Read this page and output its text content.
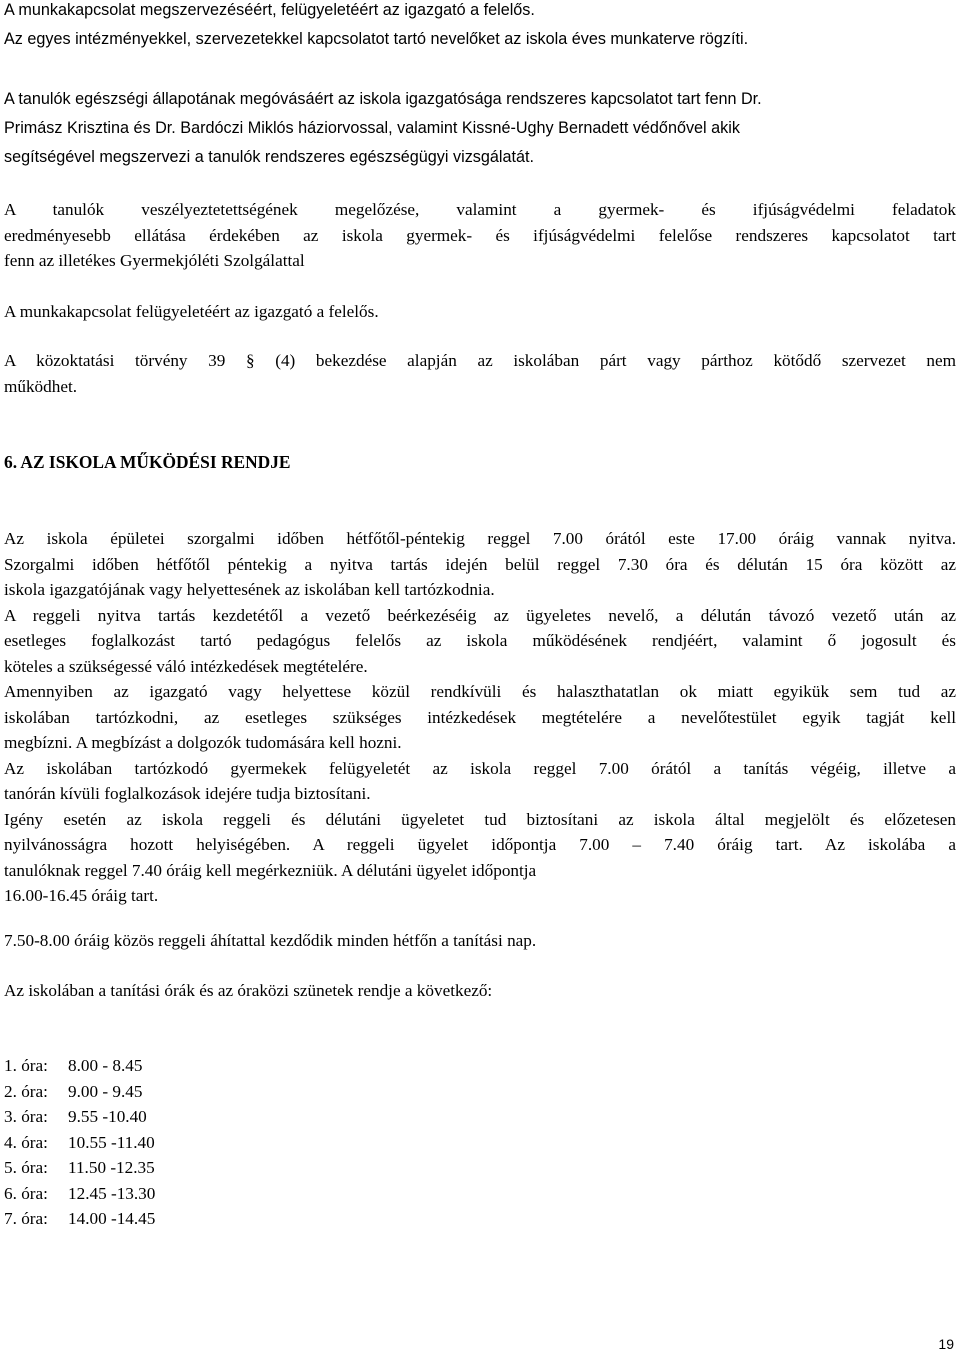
A munkakapcsolat megszervezéséért, felügyeletéért az igazgató a felelős.
Az egyes intézményekkel, szervezetekkel kapcsolatot tartó nevelőket az iskola éves munkaterve rögzíti.
A tanulók egészségi állapotának megóvásáért az iskola igazgatósága rendszeres kapcsolatot tart fenn Dr.
Primász Krisztina és Dr. Bardóczi Miklós háziorvossal, valamint Kissné-Ughy Bernadett védőnővel akik
segítségével megszervezi a tanulók rendszeres egészségügyi vizsgálatát.
A tanulók veszélyeztetettségének megelőzése, valamint a gyermek- és ifjúságvédelmi feladatok
eredményesebb ellátása érdekében az iskola gyermek- és ifjúságvédelmi felelőse rendszeres kapcsolatot tart
fenn az illetékes Gyermekjóléti Szolgálattal
A munkakapcsolat felügyeletéért az igazgató a felelős.
A közoktatási törvény 39 § (4) bekezdése alapján az iskolában párt vagy párthoz kötődő szervezet nem
működhet.
6. AZ ISKOLA MŰKÖDÉSI RENDJE
Az iskola épületei szorgalmi időben hétfőtől-péntekig reggel 7.00 órától este 17.00 óráig vannak nyitva.
Szorgalmi időben hétfőtől péntekig a nyitva tartás idején belül reggel 7.30 óra és délután 15 óra között az
iskola igazgatójának vagy helyettesének az iskolában kell tartózkodnia.
A reggeli nyitva tartás kezdetétől a vezető beérkezéséig az ügyeletes nevelő, a délután távozó vezető után az
esetleges foglalkozást tartó pedagógus felelős az iskola működésének rendjéért, valamint ő jogosult és
köteles a szükségessé váló intézkedések megtételére.
Amennyiben az igazgató vagy helyettese közül rendkívüli és halaszthatatlan ok miatt egyikük sem tud az
iskolában tartózkodni, az esetleges szükséges intézkedések megtételére a nevelőtestület egyik tagját kell
megbízni. A megbízást a dolgozók tudomására kell hozni.
Az iskolában tartózkodó gyermekek felügyeletét az iskola reggel 7.00 órától a tanítás végéig, illetve a
tanórán kívüli foglalkozások idejére tudja biztosítani.
Igény esetén az iskola reggeli és délutáni ügyeletet tud biztosítani az iskola által megjelölt és előzetesen
nyilvánosságra hozott helyiségében. A reggeli ügyelet időpontja 7.00 – 7.40 óráig tart. Az iskolába a
tanulóknak reggel 7.40 óráig kell megérkezniük. A délutáni ügyelet időpontja
16.00-16.45 óráig tart.
7.50-8.00 óráig közös reggeli áhítattal kezdődik minden hétfőn a tanítási nap.
Az iskolában a tanítási órák és az óraközi szünetek rendje a következő:
1. óra: 8.00 - 8.45
2. óra: 9.00 - 9.45
3. óra: 9.55 -10.40
4. óra: 10.55 -11.40
5. óra: 11.50 -12.35
6. óra: 12.45 -13.30
7. óra: 14.00 -14.45
19
